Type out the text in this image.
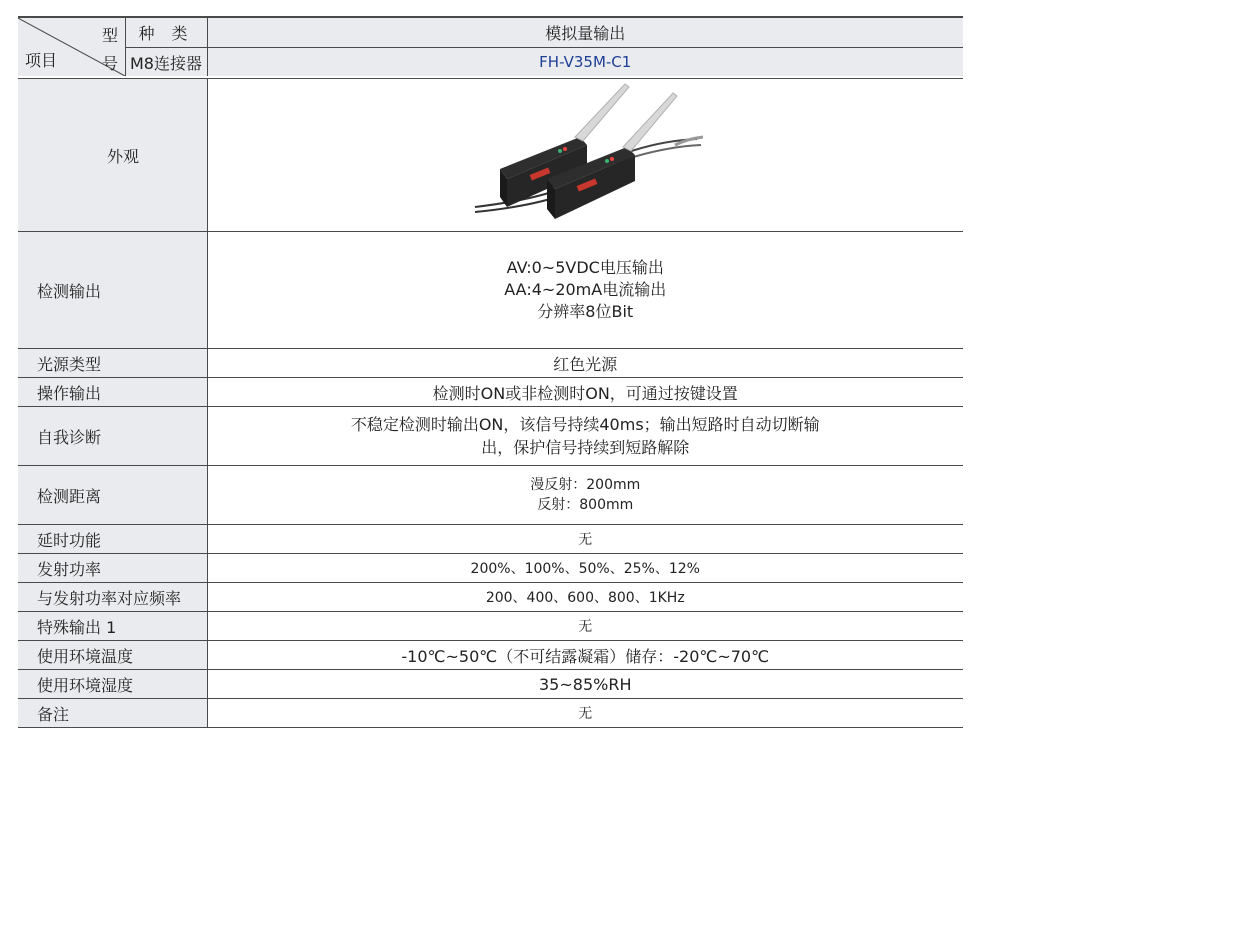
型
号
项目	种 类	模拟量输出
	M8连接器	FH-V35M-C1

外观	
检测输出		AV:0~5VDC电压输出
AA:4~20mA电流输出
分辨率8位Bit

光源类型		红色光源
操作输出		检测时ON或非检测时ON，可通过按键设置
自我诊断		不稳定检测时输出ON，该信号持续40ms；输出短路时自动切断输
出，保护信号持续到短路解除

检测距离		漫反射：200mm
反射：800mm

延时功能		无
发射功率		200%、100%、50%、25%、12%
与发射功率对应频率		200、400、600、800、1KHz
特殊输出 1		无
使用环境温度		-10℃~50℃（不可结露凝霜）储存：-20℃~70℃
使用环境湿度		35~85%RH
备注		无
